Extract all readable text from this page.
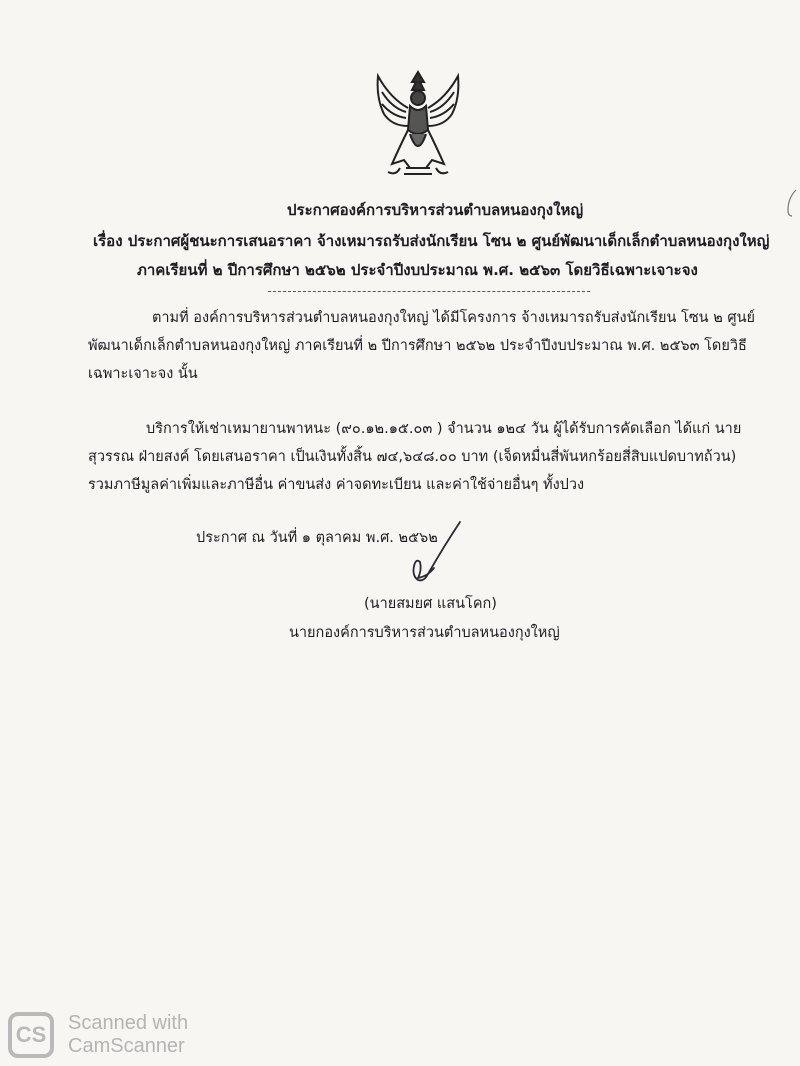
ประกาศองค์การบริหารส่วนตำบลหนองกุงใหญ่
เรื่อง ประกาศผู้ชนะการเสนอราคา จ้างเหมารถรับส่งนักเรียน โซน ๒ ศูนย์พัฒนาเด็กเล็กตำบลหนองกุงใหญ่
ภาคเรียนที่ ๒ ปีการศึกษา ๒๕๖๒ ประจำปีงบประมาณ พ.ศ. ๒๕๖๓ โดยวิธีเฉพาะเจาะจง
ตามที่ องค์การบริหารส่วนตำบลหนองกุงใหญ่ ได้มีโครงการ จ้างเหมารถรับส่งนักเรียน โซน ๒ ศูนย์
พัฒนาเด็กเล็กตำบลหนองกุงใหญ่ ภาคเรียนที่ ๒ ปีการศึกษา ๒๕๖๒ ประจำปีงบประมาณ พ.ศ. ๒๕๖๓ โดยวิธี
เฉพาะเจาะจง นั้น
บริการให้เช่าเหมายานพาหนะ (๙๐.๑๒.๑๕.๐๓ ) จำนวน ๑๒๔ วัน ผู้ได้รับการคัดเลือก ได้แก่ นาย
สุวรรณ ฝ่ายสงค์ โดยเสนอราคา เป็นเงินทั้งสิ้น ๗๔,๖๔๘.๐๐ บาท (เจ็ดหมื่นสี่พันหกร้อยสี่สิบแปดบาทถ้วน)
รวมภาษีมูลค่าเพิ่มและภาษีอื่น ค่าขนส่ง ค่าจดทะเบียน และค่าใช้จ่ายอื่นๆ ทั้งปวง
ประกาศ ณ วันที่ ๑ ตุลาคม พ.ศ. ๒๕๖๒
(นายสมยศ แสนโคก)
นายกองค์การบริหารส่วนตำบลหนองกุงใหญ่
CS	Scanned with
CamScanner
